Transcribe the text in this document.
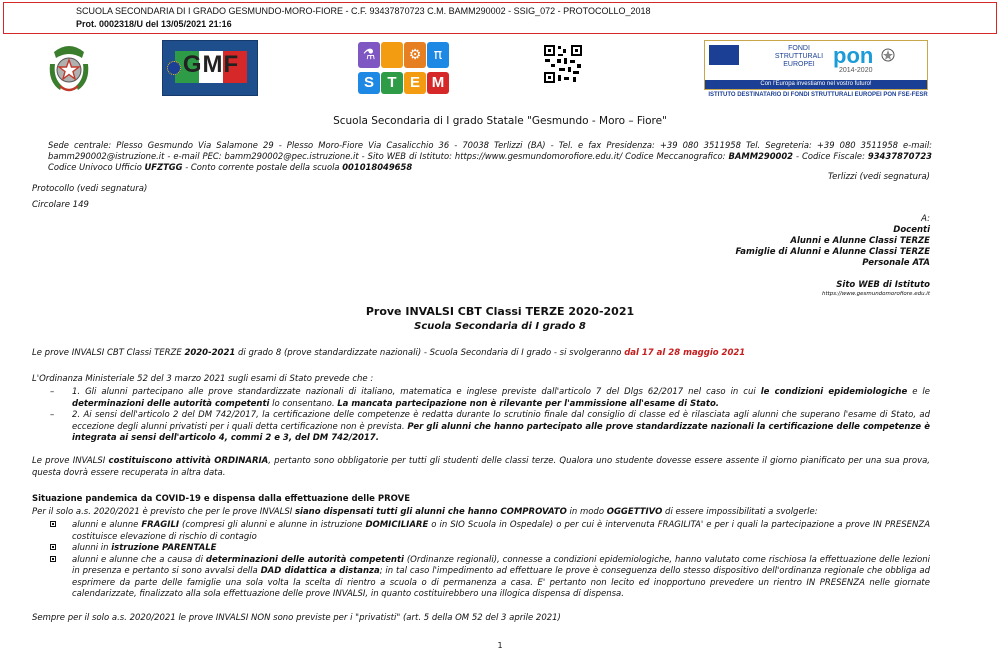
SCUOLA SECONDARIA DI I GRADO GESMUNDO-MORO-FIORE - C.F. 93437870723 C.M. BAMM290002 - SSIG_072 - PROTOCOLLO_2018
Prot. 0002318/U del 13/05/2021 21:16
GMF	⚗	⚙ π
S T E M
FONDI STRUTTURALI EUROPEI pon
2014-2020
Con l'Europa investiamo nel vostro futuro!
ISTITUTO DESTINATARIO DI FONDI STRUTTURALI EUROPEI PON FSE-FESR
Scuola Secondaria di I grado Statale "Gesmundo - Moro – Fiore"
Sede centrale: Plesso Gesmundo Via Salamone 29 - Plesso Moro-Fiore Via Casalicchio 36 - 70038 Terlizzi (BA) - Tel. e fax Presidenza: +39 080 3511958 Tel. Segreteria: +39 080 3511958 e-mail: bamm290002@istruzione.it - e-mail PEC: bamm290002@pec.istruzione.it - Sito WEB di Istituto: https://www.gesmundomorofiore.edu.it/ Codice Meccanografico: BAMM290002 - Codice Fiscale: 93437870723 Codice Univoco Ufficio UFZTGG - Conto corrente postale della scuola 001018049658
Terlizzi (vedi segnatura)
Protocollo (vedi segnatura)
Circolare 149
A:
Docenti
Alunni e Alunne Classi TERZE
Famiglie di Alunni e Alunne Classi TERZE
Personale ATA
Sito WEB di Istituto
https://www.gesmundomorofiore.edu.it
Prove INVALSI CBT Classi TERZE 2020-2021
Scuola Secondaria di I grado 8
Le prove INVALSI CBT Classi TERZE 2020-2021 di grado 8 (prove standardizzate nazionali) - Scuola Secondaria di I grado - si svolgeranno dal 17 al 28 maggio 2021
L'Ordinanza Ministeriale 52 del 3 marzo 2021 sugli esami di Stato prevede che :
– 1. Gli alunni partecipano alle prove standardizzate nazionali di italiano, matematica e inglese previste dall'articolo 7 del Dlgs 62/2017 nel caso in cui le condizioni epidemiologiche e le determinazioni delle autorità competenti lo consentano. La mancata partecipazione non è rilevante per l'ammissione all'esame di Stato.
– 2. Ai sensi dell'articolo 2 del DM 742/2017, la certificazione delle competenze è redatta durante lo scrutinio finale dal consiglio di classe ed è rilasciata agli alunni che superano l'esame di Stato, ad eccezione degli alunni privatisti per i quali detta certificazione non è prevista. Per gli alunni che hanno partecipato alle prove standardizzate nazionali la certificazione delle competenze è integrata ai sensi dell'articolo 4, commi 2 e 3, del DM 742/2017.
Le prove INVALSI costituiscono attività ORDINARIA, pertanto sono obbligatorie per tutti gli studenti delle classi terze. Qualora uno studente dovesse essere assente il giorno pianificato per una sua prova, questa dovrà essere recuperata in altra data.
Situazione pandemica da COVID-19 e dispensa dalla effettuazione delle PROVE
Per il solo a.s. 2020/2021 è previsto che per le prove INVALSI siano dispensati tutti gli alunni che hanno COMPROVATO in modo OGGETTIVO di essere impossibilitati a svolgerle:
alunni e alunne FRAGILI (compresi gli alunni e alunne in istruzione DOMICILIARE o in SIO Scuola in Ospedale) o per cui è intervenuta FRAGILITA' e per i quali la partecipazione a prove IN PRESENZA costituisce elevazione di rischio di contagio
alunni in istruzione PARENTALE
alunni e alunne che a causa di determinazioni delle autorità competenti (Ordinanze regionali), connesse a condizioni epidemiologiche, hanno valutato come rischiosa la effettuazione delle lezioni in presenza e pertanto si sono avvalsi della DAD didattica a distanza; in tal caso l'impedimento ad effettuare le prove è conseguenza dello stesso dispositivo dell'ordinanza regionale che obbliga ad esprimere da parte delle famiglie una sola volta la scelta di rientro a scuola o di permanenza a casa. E' pertanto non lecito ed inopportuno prevedere un rientro IN PRESENZA nelle giornate calendarizzate, finalizzato alla sola effettuazione delle prove INVALSI, in quanto costituirebbero una illogica dispensa di dispensa.
Sempre per il solo a.s. 2020/2021 le prove INVALSI NON sono previste per i "privatisti" (art. 5 della OM 52 del 3 aprile 2021)
1
